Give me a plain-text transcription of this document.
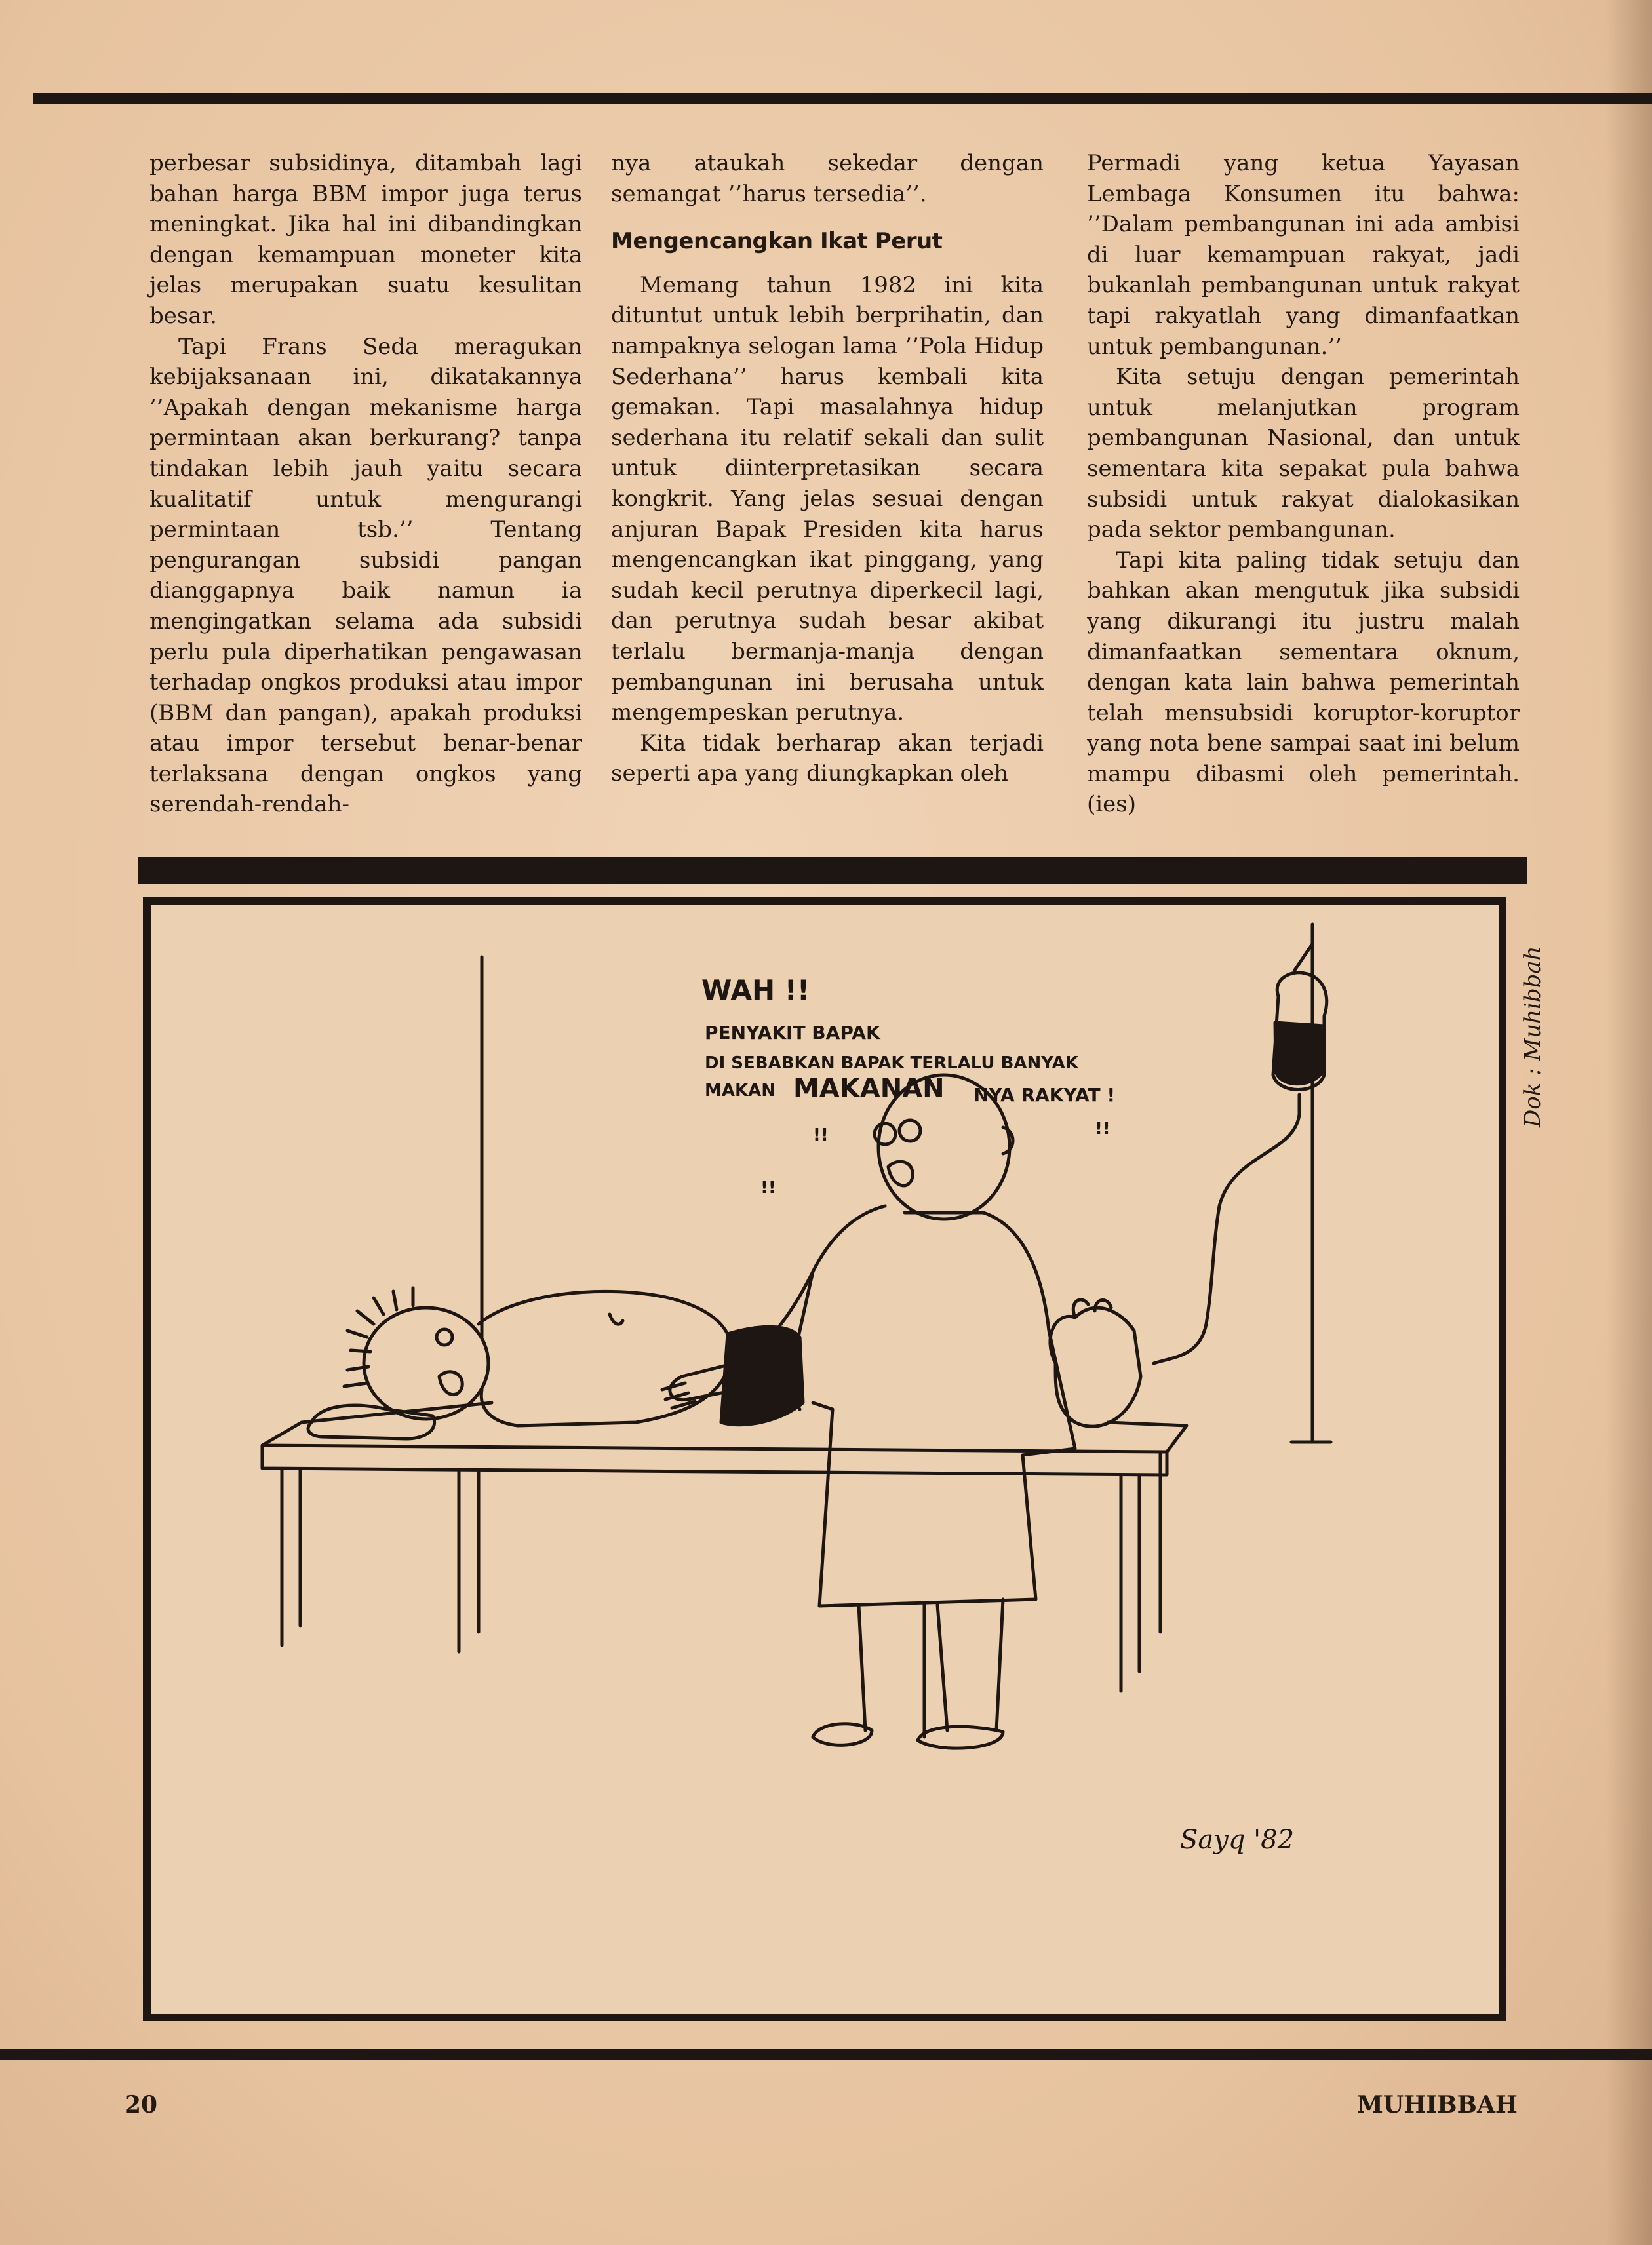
perbesar subsidinya, ditambah lagi bahan harga BBM impor juga terus meningkat. Jika hal ini dibandingkan dengan kemampuan moneter kita jelas merupakan suatu kesulitan besar.

Tapi Frans Seda meragukan kebijaksanaan ini, dikatakannya ’’Apakah dengan mekanisme harga permintaan akan berkurang? tanpa tindakan lebih jauh yaitu secara kualitatif untuk mengurangi permintaan tsb.’’ Tentang pengurangan subsidi pangan dianggapnya baik namun ia mengingatkan selama ada subsidi perlu pula diperhatikan pengawasan terhadap ongkos produksi atau impor (BBM dan pangan), apakah produksi atau impor tersebut benar-benar terlaksana dengan ongkos yang serendah-rendah-

nya ataukah sekedar dengan semangat ’’harus tersedia’’.

Mengencangkan Ikat Perut

Memang tahun 1982 ini kita dituntut untuk lebih berprihatin, dan nampaknya selogan lama ’’Pola Hidup Sederhana’’ harus kembali kita gemakan. Tapi masalahnya hidup sederhana itu relatif sekali dan sulit untuk diinterpretasikan secara kongkrit. Yang jelas sesuai dengan anjuran Bapak Presiden kita harus mengencangkan ikat pinggang, yang sudah kecil perutnya diperkecil lagi, dan perutnya sudah besar akibat terlalu bermanja-manja dengan pembangunan ini berusaha untuk mengempeskan perutnya.

Kita tidak berharap akan terjadi seperti apa yang diungkapkan oleh

Permadi yang ketua Yayasan Lembaga Konsumen itu bahwa: ’’Dalam pembangunan ini ada ambisi di luar kemampuan rakyat, jadi bukanlah pembangunan untuk rakyat tapi rakyatlah yang dimanfaatkan untuk pembangunan.’’

Kita setuju dengan pemerintah untuk melanjutkan program pembangunan Nasional, dan untuk sementara kita sepakat pula bahwa subsidi untuk rakyat dialokasikan pada sektor pembangunan.

Tapi kita paling tidak setuju dan bahkan akan mengutuk jika subsidi yang dikurangi itu justru malah dimanfaatkan sementara oknum, dengan kata lain bahwa pemerintah telah mensubsidi koruptor-koruptor yang nota bene sampai saat ini belum mampu dibasmi oleh pemerintah. (ies)

WAH !!
PENYAKIT BAPAK
DI SEBABKAN BAPAK TERLALU BANYAK
MAKAN MAKANAN NYA RAKYAT !
!!
!!
!!
Sayq '82
Dok : Muhibbah
20	MUHIBBAH
